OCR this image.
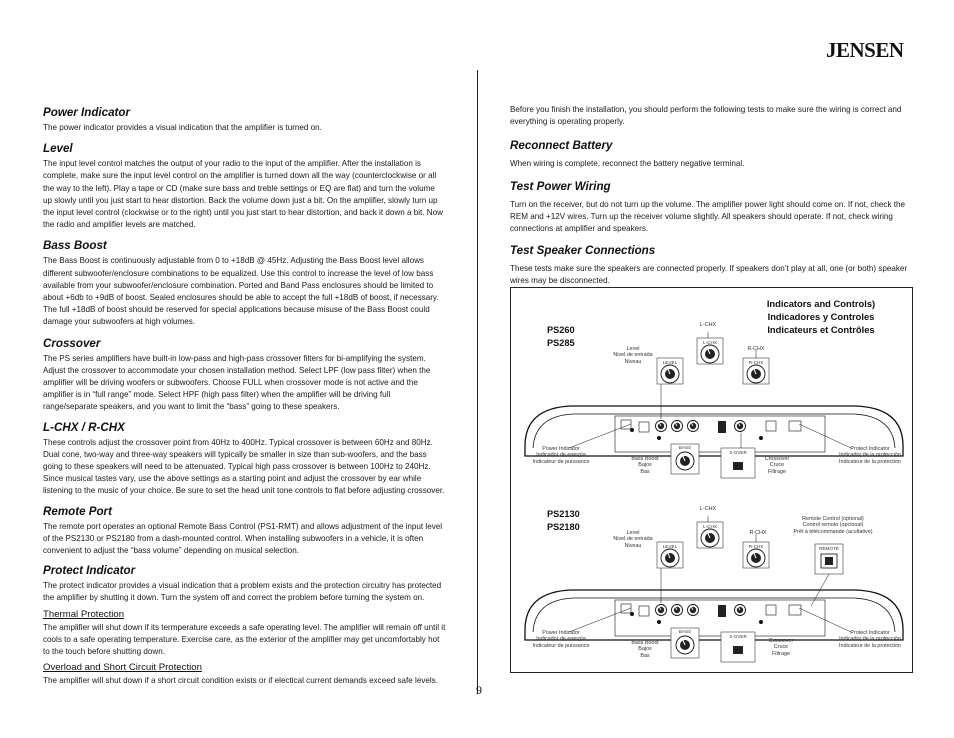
JENSEN
9
Power Indicator

The power indicator provides a visual indication that the amplifier is turned on.

Level

The input level control matches the output of your radio to the input of the amplifier. After the installation is complete, make sure the input level control on the amplifier is turned down all the way (counterclockwise or all the way to the left). Play a tape or CD (make sure bass and treble settings or EQ are flat) and turn the volume up slowly until you just start to hear distortion. Back the volume down just a bit. On the amplifier, slowly turn up the input level control (clockwise or to the right) until you just start to hear distortion, and back it down a bit. Now the radio and amplifier levels are matched.

Bass Boost

The Bass Boost is continuously adjustable from 0 to +18dB @ 45Hz. Adjusting the Bass Boost level allows different subwoofer/enclosure combinations to be equalized. Use this control to increase the level of low bass available from your subwoofer/enclosure combination. Ported and Band Pass enclosures should be limited to about +6db to +9dB of boost. Sealed enclosures should be able to accept the full +18dB of boost, if necessary. The full +18dB of boost should be reserved for special applications because misuse of the Bass Boost could damage your subwoofers at high volumes.

Crossover

The PS series amplifiers have built-in low-pass and high-pass crossover filters for bi-amplifying the system. Adjust the crossover to accommodate your chosen installation method. Select LPF (low pass filter) when the amplifier will be driving woofers or subwoofers. Choose FULL when crossover mode is not active and the amplifier is in “full range” mode. Select HPF (high pass filter) when the amplifier will be driving full range/separate speakers, and you want to limit the “bass” going to these speakers.

L-CHX / R-CHX

These controls adjust the crossover point from 40Hz to 400Hz. Typical crossover is between 60Hz and 80Hz. Dual cone, two-way and three-way speakers will typically be smaller in size than sub-woofers, and the bass going to these speakers will need to be attenuated. Typical high pass crossover is between 100Hz to 240Hz. Since musical tastes vary, use the above settings as a starting point and adjust the crossover by ear while listening to the music of your choice. Be sure to set the head unit tone controls to flat before adjusting crossover.

Remote Port

The remote port operates an optional Remote Bass Control (PS1-RMT) and allows adjustment of the input level of the PS2130 or PS2180 from a dash-mounted control. When installing subwoofers in a vehicle, it is often convenient to adjust the “bass volume” depending on musical selection.

Protect Indicator

The protect indicator provides a visual indication that a problem exists and the protection circuitry has protected the amplifier by shutting it down. Turn the system off and correct the problem before turning the system on.

Thermal Protection

The amplifier will shut down if its termperature exceeds a safe operating level. The amplifier will remain off until it cools to a safe operating temperature. Exercise care, as the exterior of the amplifier may get uncomfortably hot to the touch before shutting down.

Overload and Short Circuit Protection

The amplifier will shut down if a short circuit condition exists or if electical current demands exceed safe levels.

Before you finish the installation, you should perform the following tests to make sure the wiring is correct and everything is operating properly.

Reconnect Battery

When wiring is complete, reconnect the battery negative terminal.

Test Power Wiring

Turn on the receiver, but do not turn up the volume. The amplifier power light should come on. If not, check the REM and +12V wires. Turn up the receiver volume slightly. All speakers should operate. If not, check wiring connections at amplifier and speakers.

Test Speaker Connections

These tests make sure the speakers are connected properly. If speakers don’t play at all, one (or both) speaker wires may be disconnected.

Indicators and Controls)
Indicadores y Controles
Indicateurs et Contrôles
PS260
PS285
L-CHX
Level
Nivel de entrada
Niveau
R-CHX
Power Indicator
Indicador de energía
Indicateur de puissance	Bass Boost
Bajos
Bas
Crossover
Cruce
Filtrage
Protect Indicator
Indicador de la protección
Indicateur de la protection
PS2130
PS2180
L-CHX
Level
Nivel de entrada
Niveau
R-CHX
Remote Control (optional)
Control remoto (opcional)
Prêt à télécommande (acultative)
Power Indicator
Indicador de energía
Indicateur de puissance	Bass Boost
Bajos
Bas
Crossover
Cruce
Filtrage
Protect Indicator
Indicador de la protección
Indicateur de la protection
LEVEL
L-CHX
R-CHX
BASS
X-OVER
LEVEL
L-CHX
R-CHX	REMOTE
BASS
X-OVER
